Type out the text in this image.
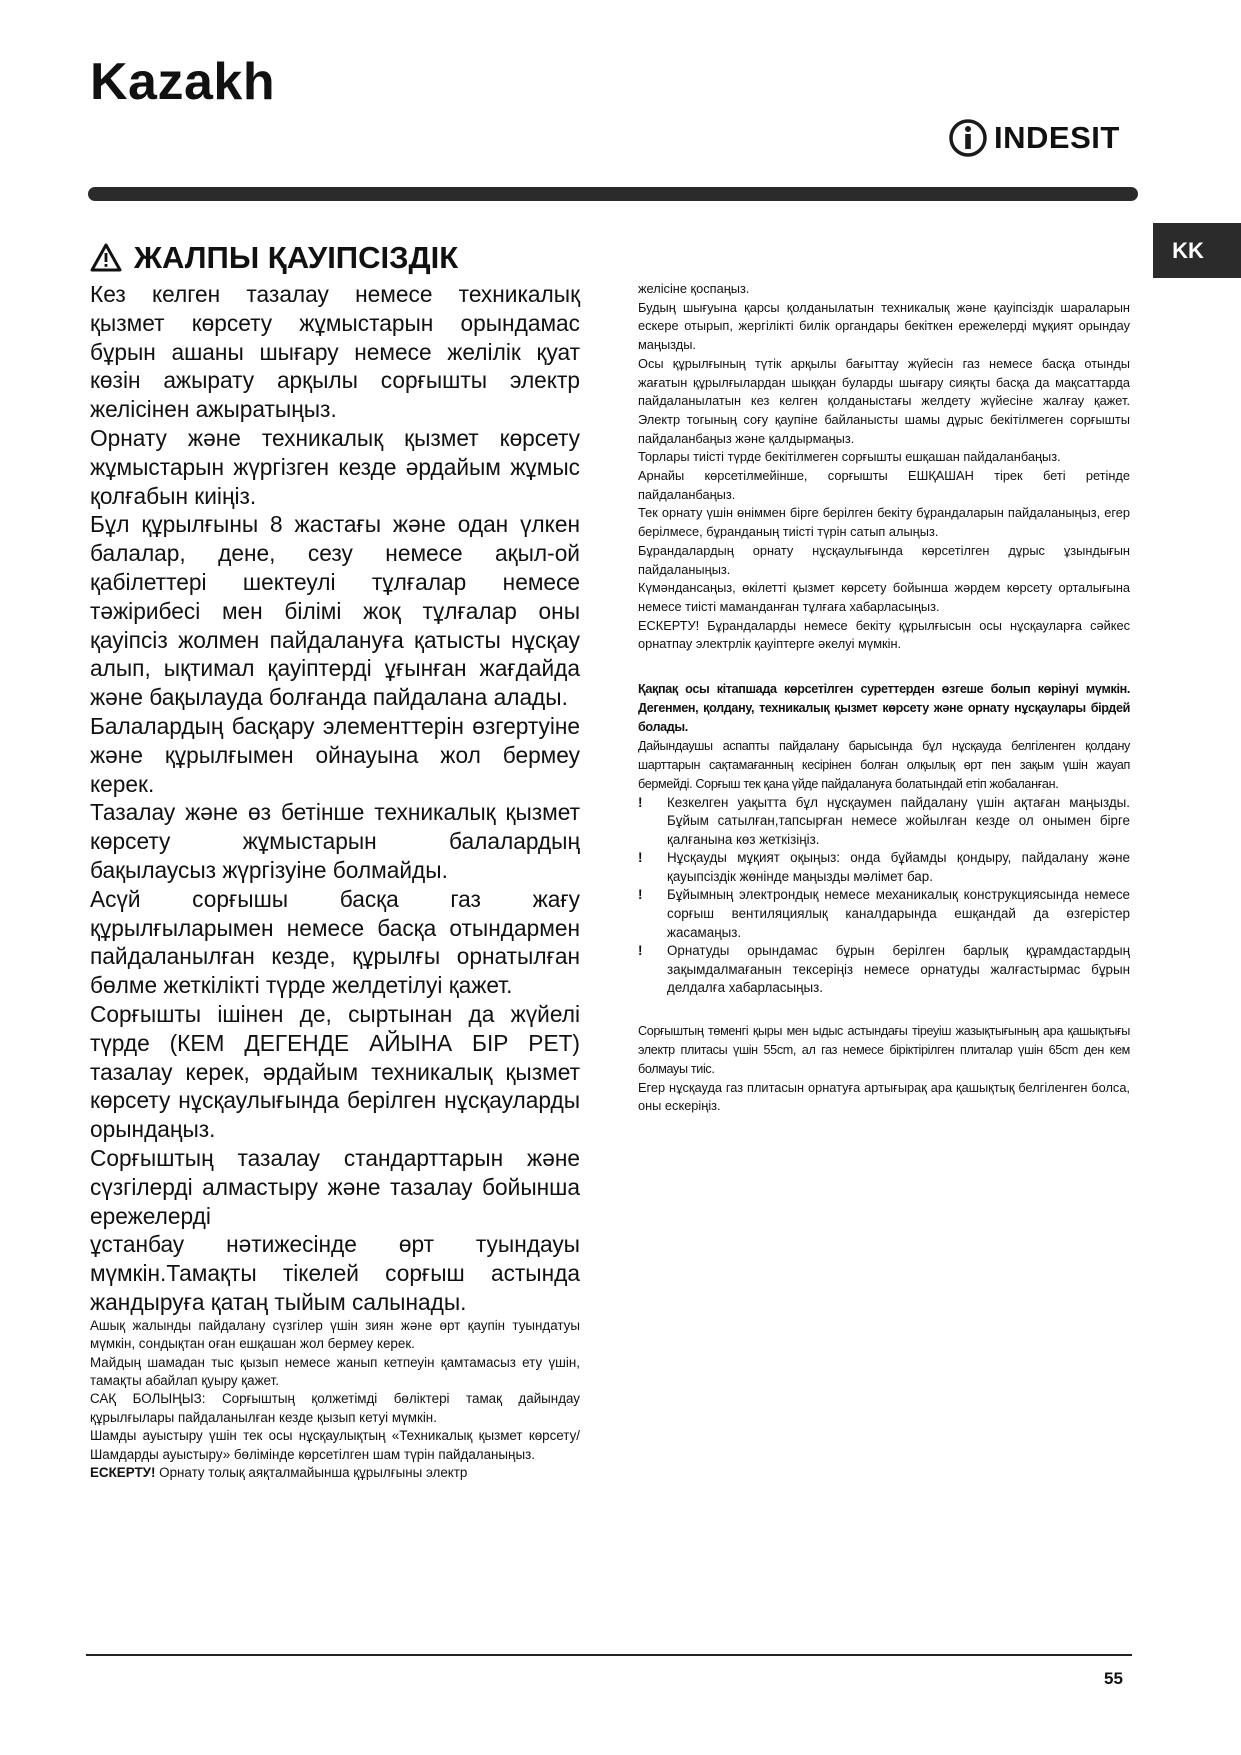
Kazakh
INDESIT
KK
ЖАЛПЫ ҚАУІПСІЗДІК

Кез келген тазалау немесе техникалық қызмет көрсету жұмыстарын орындамас бұрын ашаны шығару немесе желілік қуат көзін ажырату арқылы сорғышты электр желісінен ажыратыңыз.

Орнату және техникалық қызмет көрсету жұмыстарын жүргізген кезде әрдайым жұмыс қолғабын киіңіз.

Бұл құрылғыны 8 жастағы және одан үлкен балалар, дене, сезу немесе ақыл-ой қабілеттері шектеулі тұлғалар немесе тәжірибесі мен білімі жоқ тұлғалар оны қауіпсіз жолмен пайдалануға қатысты нұсқау алып, ықтимал қауіптерді ұғынған жағдайда және бақылауда болғанда пайдалана алады.

Балалардың басқару элементтерін өзгертуіне және құрылғымен ойнауына жол бермеу керек.

Тазалау және өз бетінше техникалық қызмет көрсету жұмыстарын балалардың бақылаусыз жүргізуіне болмайды.

Асүй сорғышы басқа газ жағу құрылғыларымен немесе басқа отындармен пайдаланылған кезде, құрылғы орнатылған бөлме жеткілікті түрде желдетілуі қажет.

Сорғышты ішінен де, сыртынан да жүйелі түрде (КЕМ ДЕГЕНДЕ АЙЫНА БІР РЕТ) тазалау керек, әрдайым техникалық қызмет көрсету нұсқаулығында берілген нұсқауларды орындаңыз.

Сорғыштың тазалау стандарттарын және сүзгілерді алмастыру және тазалау бойынша ережелерді

ұстанбау нәтижесінде өрт туындауы мүмкін.Тамақты тікелей сорғыш астында жандыруға қатаң тыйым салынады.

Ашық жалынды пайдалану сүзгілер үшін зиян және өрт қаупін туындатуы мүмкін, сондықтан оған ешқашан жол бермеу керек.

Майдың шамадан тыс қызып немесе жанып кетпеуін қамтамасыз ету үшін, тамақты абайлап қуыру қажет.

САҚ БОЛЫҢЫЗ: Сорғыштың қолжетімді бөліктері тамақ дайындау құрылғылары пайдаланылған кезде қызып кетуі мүмкін.

Шамды ауыстыру үшін тек осы нұсқаулықтың «Техникалық қызмет көрсету/Шамдарды ауыстыру» бөлімінде көрсетілген шам түрін пайдаланыңыз.

ЕСКЕРТУ! Орнату толық аяқталмайынша құрылғыны электр

желісіне қоспаңыз.

Будың шығуына қарсы қолданылатын техникалық және қауіпсіздік шараларын ескере отырып, жергілікті билік органдары бекіткен ережелерді мұқият орындау маңызды.

Осы құрылғының түтік арқылы бағыттау жүйесін газ немесе басқа отынды жағатын құрылғылардан шыққан буларды шығару сияқты басқа да мақсаттарда пайдаланылатын кез келген қолданыстағы желдету жүйесіне жалғау қажет. Электр тогының соғу қаупіне байланысты шамы дұрыс бекітілмеген сорғышты пайдаланбаңыз және қалдырмаңыз.

Торлары тиісті түрде бекітілмеген сорғышты ешқашан пайдаланбаңыз.

Арнайы көрсетілмейінше, сорғышты ЕШҚАШАН тірек беті ретінде пайдаланбаңыз.

Тек орнату үшін өніммен бірге берілген бекіту бұрандаларын пайдаланыңыз, егер берілмесе, бұранданың тиісті түрін сатып алыңыз.

Бұрандалардың орнату нұсқаулығында көрсетілген дұрыс ұзындығын пайдаланыңыз.

Күмәндансаңыз, өкілетті қызмет көрсету бойынша жәрдем көрсету орталығына немесе тиісті маманданған тұлғаға хабарласыңыз.

ЕСКЕРТУ! Бұрандаларды немесе бекіту құрылғысын осы нұсқауларға сәйкес орнатпау электрлік қауіптерге әкелуі мүмкін.

Қақпақ осы кітапшада көрсетілген суреттерден өзгеше болып көрінуі мүмкін. Дегенмен, қолдану, техникалық қызмет көрсету және орнату нұсқаулары бірдей болады.

Дайындаушы аспапты пайдалану барысында бұл нұсқауда белгіленген қолдану шарттарын сақтамағанның кесірінен болған олқылық өрт пен зақым үшін жауап бермейді. Сорғыш тек қана үйде пайдалануға болатындай етіп жобаланған.

!	Кезкелген уақытта бұл нұсқаумен пайдалану үшін ақтаған маңызды. Бұйым сатылған,тапсырған немесе жойылған кезде ол онымен бірге қалғанына көз жеткізіңіз.
!	Нұсқауды мұқият оқыңыз: онда бұйамды қондыру, пайдалану және қауыпсіздік жөнінде маңызды мәлімет бар.
!	Бұйымның электрондық немесе механикалық конструкциясында немесе сорғыш вентиляциялық каналдарында ешқандай да өзгерістер жасамаңыз.
!	Орнатуды орындамас бұрын берілген барлық құрамдастардың зақымдалмағанын тексеріңіз немесе орнатуды жалғастырмас бұрын делдалға хабарласыңыз.

Сорғыштың төменгі қыры мен ыдыс астындағы тіреуіш жазықтығының ара қашықтығы электр плитасы үшін 55cm, ал газ немесе біріктірілген плиталар үшін 65cm ден кем болмауы тиіс.

Егер нұсқауда газ плитасын орнатуға артығырақ ара қашықтық белгіленген болса, оны ескеріңіз.

55
